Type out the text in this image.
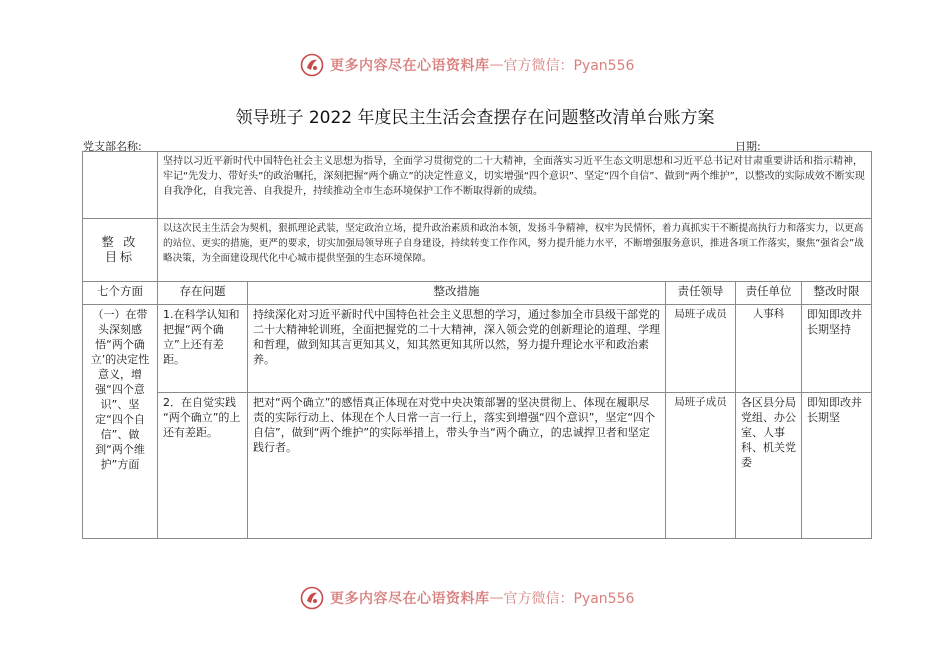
更多内容尽在心语资料库 — 官方微信：Pyan556
领导班子 2022 年度民主生活会查摆存在问题整改清单台账方案
党支部名称:	日期:
	坚持以习近平新时代中国特色社会主义思想为指导，全面学习贯彻党的二十大精神，全面落实习近平生态文明思想和习近平总书记对甘肃重要讲话和指示精神，牢记“先发力、带好头”的政治嘱托，深刻把握“两个确立”的决定性意义，切实增强“四个意识”、坚定“四个自信”、做到“两个维护”，以整改的实际成效不断实现自我净化，自我完善、自我提升，持续推动全市生态环境保护工作不断取得新的成绩。				

整 改
目标	以这次民主生活会为契机，狠抓理论武装，坚定政治立场，提升政治素质和政治本领，发扬斗争精神，权牢为民情怀，着力真抓实干不断提高执行力和落实力，以更高的站位、更实的措施，更严的要求，切实加强局领导班子自身建设，持续转变工作作风，努力提升能力水平，不断增强服务意识，推进各项工作落实，聚焦“强省会”战略决策，为全面建设现代化中心城市提供坚强的生态环境保障。				
七个方面	存在问题	整改措施	责任领导	责任单位	整改时限
（一）在带头深刻感悟“两个确立’的决定性意义，增强“四个意识”、坚定“四个自信”、做到“两个维护”方面	1.在科学认知和把握“两个确立”上还有差距。	持续深化对习近平新时代中国特色社会主义思想的学习，通过参加全市县级干部党的二十大精神轮训班，全面把握党的二十大精神，深入领会党的创新理论的道理、学理和哲理，做到知其言更知其义，知其然更知其所以然，努力提升理论水平和政治素养。	局班子成员	人事科	即知即改并长期坚持
	2．在自觉实践 “两个确立”的上还有差距。	把对“两个确立”的感悟真正体现在对党中央决策部署的坚决贯彻上、体现在履职尽责的实际行动上、体现在个人日常一言一行上，落实到增强“四个意识”，坚定“四个自信”，做到“两个维护”的实际举措上，带头争当“两个确立，的忠诚捍卫者和坚定践行者。	局班子成员	各区县分局党组、办公室、人事科、机关党委	即知即改并长期坚
更多内容尽在心语资料库 — 官方微信：Pyan556
